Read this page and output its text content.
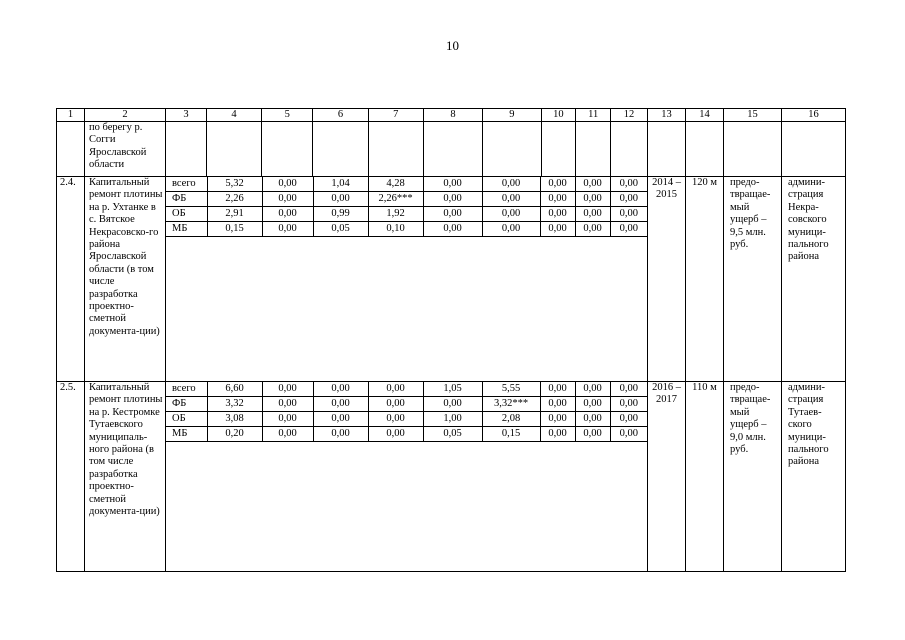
10
1	2	3	4	5	6	7	8	9	10	11	12	13	14	15	16
	по берегу р. Согги Ярославской области														
2.4.	Капитальный ремонт плотины на р. Ухтанке в с. Вятское Некрасовско-го района Ярославской области (в том числе разработка проектно-сметной документа-ции)	
всего	5,32	0,00	1,04	4,28	0,00	0,00	0,00	0,00	0,00
ФБ	2,26	0,00	0,00	2,26***	0,00	0,00	0,00	0,00	0,00
ОБ	2,91	0,00	0,99	1,92	0,00	0,00	0,00	0,00	0,00
МБ	0,15	0,00	0,05	0,10	0,00	0,00	0,00	0,00	0,00
	2014 – 2015	120 м	предо-твращае-мый ущерб – 9,5 млн. руб.	админи-страция Некра-совского муници-пального района
2.5.	Капитальный ремонт плотины на р. Кестромке Тутаевского муниципаль-ного района (в том числе разработка проектно-сметной документа-ции)	
всего	6,60	0,00	0,00	0,00	1,05	5,55	0,00	0,00	0,00
ФБ	3,32	0,00	0,00	0,00	0,00	3,32***	0,00	0,00	0,00
ОБ	3,08	0,00	0,00	0,00	1,00	2,08	0,00	0,00	0,00
МБ	0,20	0,00	0,00	0,00	0,05	0,15	0,00	0,00	0,00
	2016 – 2017	110 м	предо-твращае-мый ущерб – 9,0 млн. руб.	админи-страция Тутаев-ского муници-пального района
